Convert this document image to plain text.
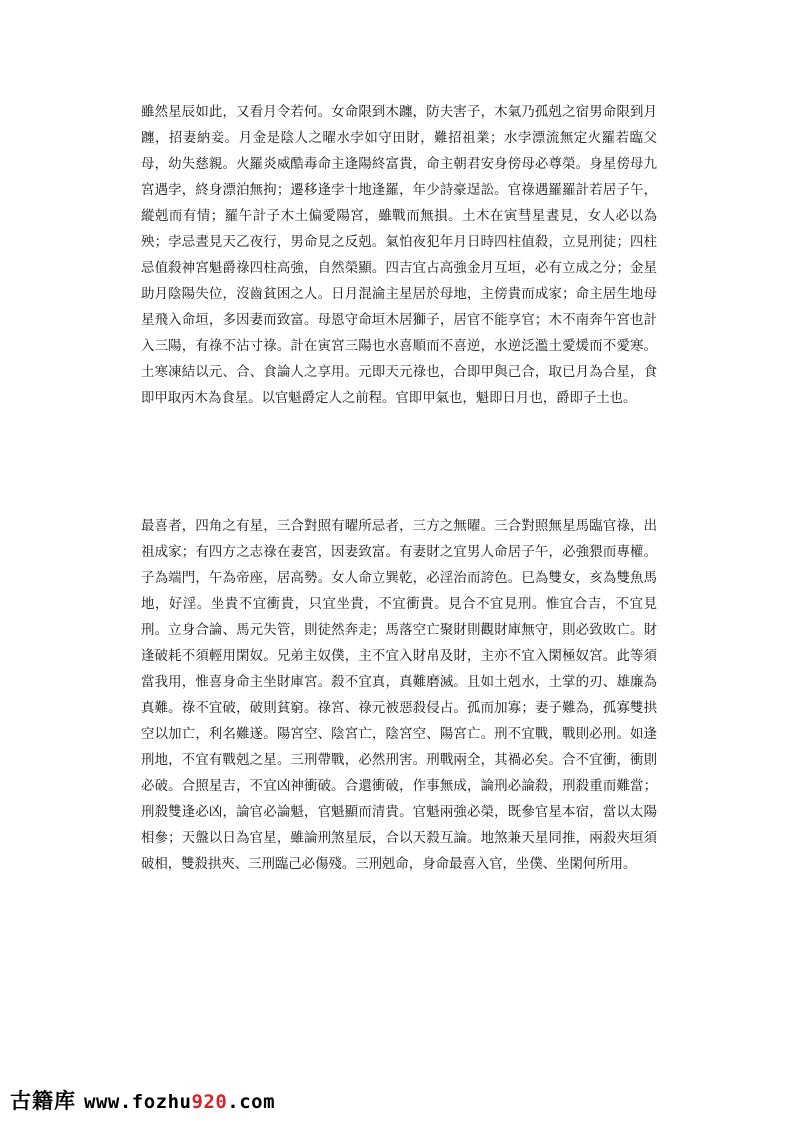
雖然星辰如此，又看月令若何。女命限到木躔，防夫害子，木氣乃孤剋之宿男命限到月躔，招妻納妾。月金是陰人之曜水孛如守田財，難招祖業；水孛漂流無定火羅若臨父母，幼失慈親。火羅炎威酷毒命主逢陽終富貴，命主朝君安身傍母必尊榮。身星傍母九宮遇孛，終身漂泊無拘；遷移逢孛十地逢羅，年少詩豪逞訟。官祿遇羅羅計若居子午，縱剋而有情；羅午計子木土偏愛陽宮，雖戰而無損。土木在寅彗星晝見，女人必以為殃；孛忌晝見天乙夜行，男命見之反剋。氣怕夜犯年月日時四柱值殺，立見刑徒；四柱忌值殺神宮魁爵祿四柱高強，自然榮顯。四吉宜占高強金月互垣，必有立成之分；金星助月陰陽失位，沒齒貧困之人。日月混淪主星居於母地，主傍貴而成家；命主居生地母星飛入命垣，多因妻而致富。母恩守命垣木居獅子，居官不能享官；木不南奔午宮也計入三陽，有祿不沾寸祿。計在寅宮三陽也水喜順而不喜逆，水逆泛濫土愛煖而不愛寒。土寒凍結以元、合、食論人之享用。元即天元祿也，合即甲與己合，取已月為合星，食即甲取丙木為食星。以官魁爵定人之前程。官即甲氣也，魁即日月也，爵即子土也。

最喜者，四角之有星，三合對照有曜所忌者，三方之無曜。三合對照無星馬臨官祿，出祖成家；有四方之志祿在妻宮，因妻致富。有妻財之宜男人命居子午，必強猥而專權。子為端門，午為帝座，居高勢。女人命立巽乾，必淫治而誇色。巳為雙女，亥為雙魚馬地，好淫。坐貴不宜衝貴，只宜坐貴，不宜衝貴。見合不宜見刑。惟宜合吉，不宜見刑。立身合論、馬元失管，則徒然奔走；馬落空亡聚財則觀財庫無守，則必致敗亡。財逢破耗不須輕用閑奴。兄弟主奴僕，主不宜入財帛及財，主亦不宜入閑極奴宮。此等須當我用，惟喜身命主坐財庫宮。殺不宜真，真難磨滅。且如土剋水，土掌的刃、雄廉為真難。祿不宜破，破則貧窮。祿宮、祿元被惡殺侵占。孤而加寡；妻子難為，孤寡雙拱空以加亡，利名難遂。陽宮空、陰宮亡，陰宮空、陽宮亡。刑不宜戰，戰則必刑。如逢刑地，不宜有戰剋之星。三刑帶戰，必然刑害。刑戰兩全，其禍必矣。合不宜衝，衝則必破。合照星吉，不宜凶神衝破。合還衝破，作事無成，論刑必論殺，刑殺重而難當；刑殺雙逢必凶，論官必論魁，官魁顯而清貴。官魁兩強必榮，既參官星本宿，當以太陽相參；天盤以日為官星，雖論刑煞星辰，合以天殺互論。地煞兼天星同推，兩殺夾垣須破相，雙殺拱夾、三刑臨己必傷殘。三刑剋命，身命最喜入官，坐僕、坐閑何所用。

古籍库 www.fozhu920.com
